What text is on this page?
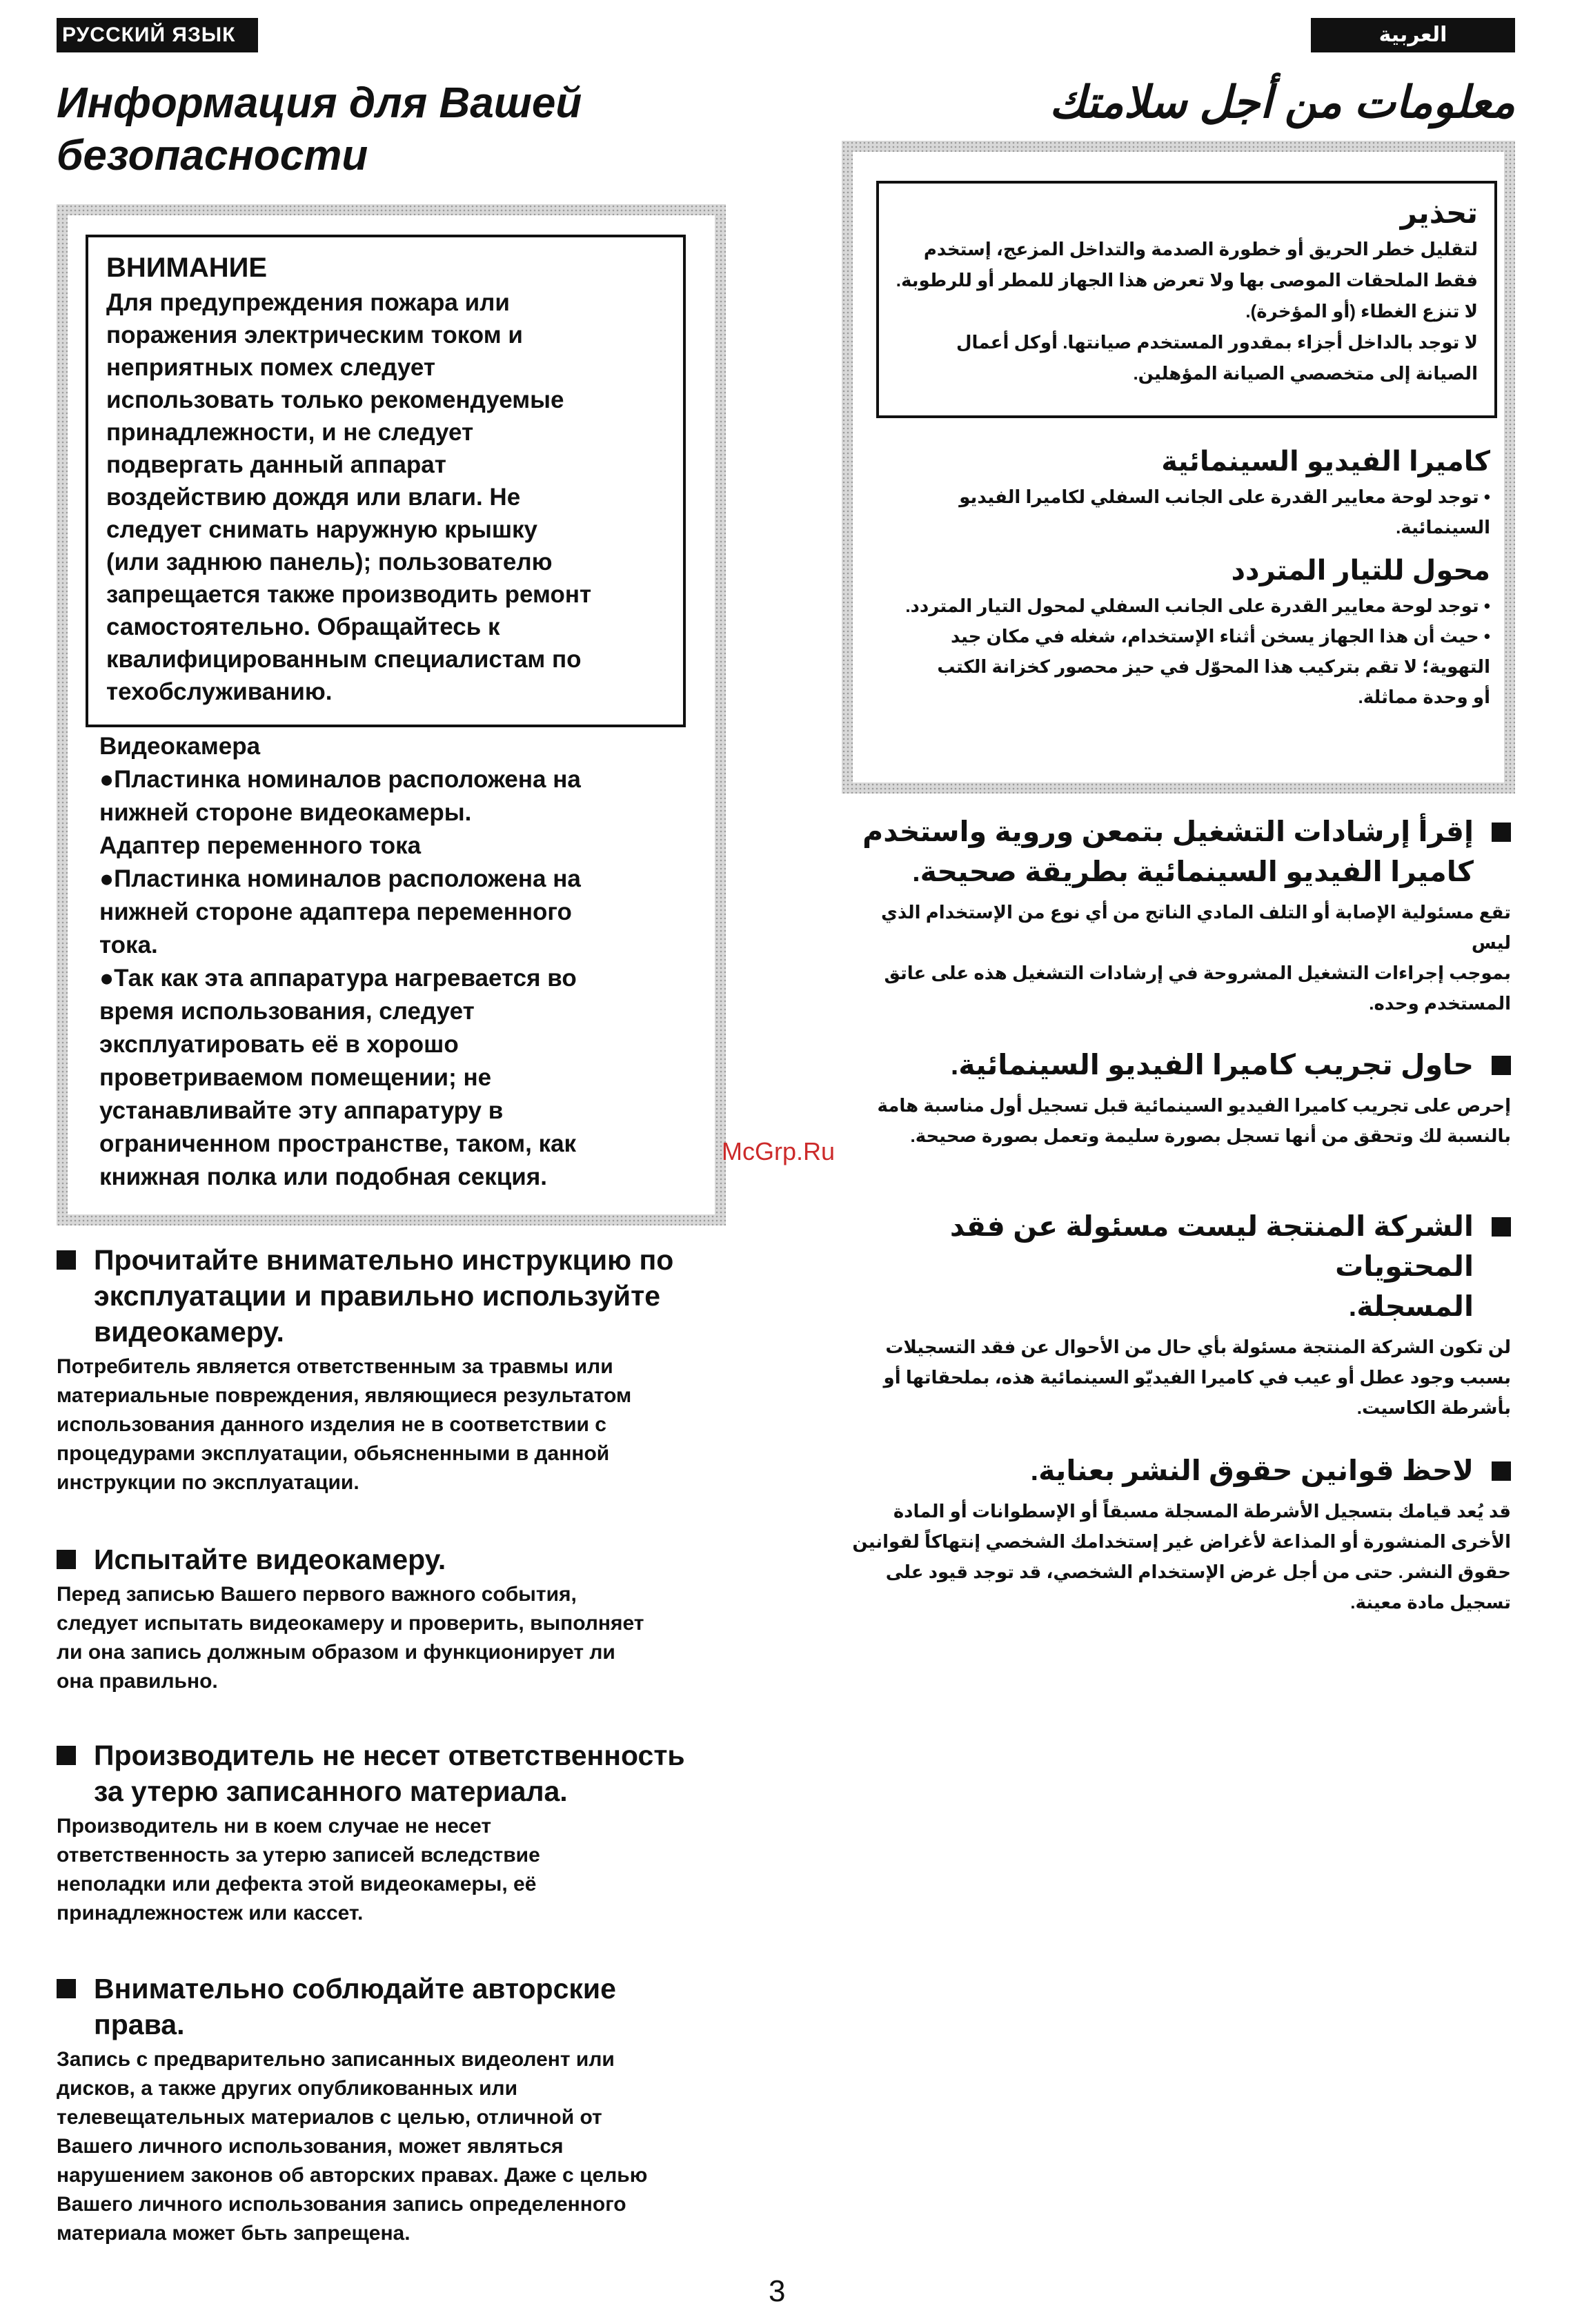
РУССКИЙ ЯЗЫК	العربية
Информация для Вашей
безопасности
ВНИМАНИЕ
Для предупреждения пожара или
поражения электрическим током и
неприятных помех следует
использовать только рекомендуемые
принадлежности, и не следует
подвергать данный аппарат
воздействию дождя или влаги. Не
следует снимать наружную крышку
(или заднюю панель); пользователю
запрещается также производить ремонт
самостоятельно. Обращайтесь к
квалифицированным специалистам по
техобслуживанию.
Видеокамера
●Пластинка номиналов расположена на
нижней стороне видеокамеры.
Адаптер переменного тока
●Пластинка номиналов расположена на
нижней стороне адаптера переменного
тока.
●Так как эта аппаратура нагревается во
время использования, следует
эксплуатировать её в хорошо
проветриваемом помещении; не
устанавливайте эту аппаратуру в
ограниченном пространстве, таком, как
книжная полка или подобная секция.
Прочитайте внимательно инструкцию по
эксплуатации и правильно используйте
видеокамеру.
Потребитель является ответственным за травмы или
материальные повреждения, являющиеся результатом
использования данного изделия не в соответствии с
процедурами эксплуатации, обьясненными в данной
инструкции по эксплуатации.
Испытайте видеокамеру.
Перед записью Вашего первого важного события,
следует испытать видеокамеру и проверить, выполняет
ли она запись должным образом и функционирует ли
она правильно.
Производитель не несет ответственность
за утерю записанного материала.
Производитель ни в коем случае не несет
ответственность за утерю записей вследствие
неполадки или дефекта этой видеокамеры, её
принадлежностеж или кассет.
Внимательно соблюдайте авторские
права.
Запись с предварительно записанных видеолент или
дисков, а также других опубликованных или
телевещательных материалов с целью, отличной от
Вашего личного использования, может являться
нарушением законов об авторских правах. Даже с целью
Вашего личного использования запись определенного
материала может бьть запрещена.
معلومات من أجل سلامتك
تحذير
لتقليل خطر الحريق أو خطورة الصدمة والتداخل المزعج، إستخدم
فقط الملحقات الموصى بها ولا تعرض هذا الجهاز للمطر أو للرطوبة.
لا تنزع الغطاء (أو المؤخرة).
لا توجد بالداخل أجزاء بمقدور المستخدم صيانتها. أوكل أعمال
الصيانة إلى متخصصي الصيانة المؤهلين.
كاميرا الفيديو السينمائية
• توجد لوحة معايير القدرة على الجانب السفلي لكاميرا الفيديو
السينمائية.
محول للتيار المتردد
• توجد لوحة معايير القدرة على الجانب السفلي لمحول التيار المتردد.
• حيث أن هذا الجهاز يسخن أثناء الإستخدام، شغله في مكان جيد
التهوية؛ لا تقم بتركيب هذا المحوّل في حيز محصور كخزانة الكتب
أو وحدة مماثلة.
إقرأ إرشادات التشغيل بتمعن وروية واستخدم
كاميرا الفيديو السينمائية بطريقة صحيحة.
تقع مسئولية الإصابة أو التلف المادي الناتج من أي نوع من الإستخدام الذي ليس
بموجب إجراءات التشغيل المشروحة في إرشادات التشغيل هذه على عاتق
المستخدم وحده.
حاول تجريب كاميرا الفيديو السينمائية.
إحرص على تجريب كاميرا الفيديو السينمائية قبل تسجيل أول مناسبة هامة
بالنسبة لك وتحقق من أنها تسجل بصورة سليمة وتعمل بصورة صحيحة.
الشركة المنتجة ليست مسئولة عن فقد المحتويات
المسجلة.
لن تكون الشركة المنتجة مسئولة بأي حال من الأحوال عن فقد التسجيلات
بسبب وجود عطل أو عيب في كاميرا الفيديّو السينمائية هذه، بملحقاتها أو
بأشرطة الكاسيت.
لاحظ قوانين حقوق النشر بعناية.
قد يُعد قيامك بتسجيل الأشرطة المسجلة مسبقاً أو الإسطوانات أو المادة
الأخرى المنشورة أو المذاعة لأغراض غير إستخدامك الشخصي إنتهاكاً لقوانين
حقوق النشر. حتى من أجل غرض الإستخدام الشخصي، قد توجد قيود على
تسجيل مادة معينة.
McGrp.Ru
3
